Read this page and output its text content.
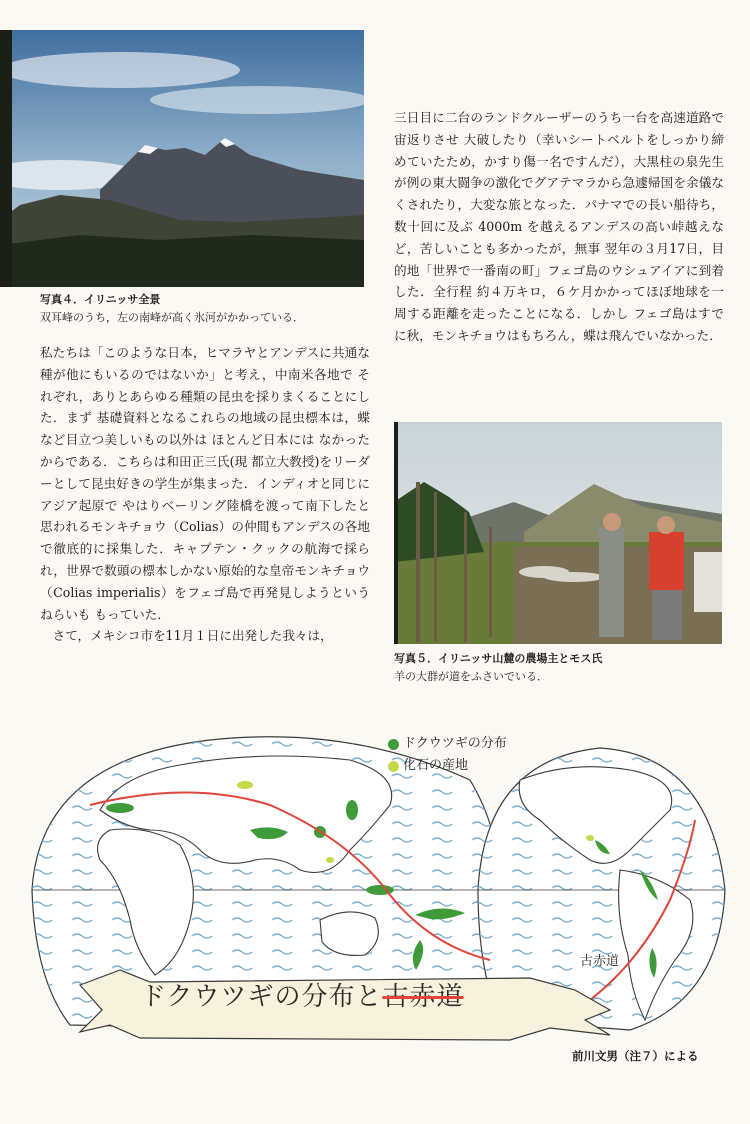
写真４．イリニッサ全景
双耳峰のうち，左の南峰が高く氷河がかかっている．

私たちは「このような日本，ヒマラヤとアンデスに共通な種が他にもいるのではないか」と考え，中南米各地で それぞれ，ありとあらゆる種類の昆虫を採りまくることにした．まず 基礎資料となるこれらの地域の昆虫標本は，蝶など目立つ美しいもの以外は ほとんど日本には なかったからである．こちらは和田正三氏(現 都立大教授)をリーダーとして昆虫好きの学生が集まった．インディオと同じに アジア起原で やはりベーリング陸橋を渡って南下したと思われるモンキチョウ（Colias）の仲間もアンデスの各地で徹底的に採集した．キャプテン・クックの航海で採られ，世界で数頭の標本しかない原始的な皇帝モンキチョウ（Colias imperialis）をフェゴ島で再発見しようという ねらいも もっていた．

さて，メキシコ市を11月１日に出発した我々は，

三日目に二台のランドクルーザーのうち一台を高速道路で宙返りさせ 大破したり（幸いシートベルトをしっかり締めていたため，かすり傷一名ですんだ），大黒柱の泉先生が例の東大闘争の激化でグアテマラから急遽帰国を余儀なくされたり，大変な旅となった．パナマでの長い船待ち，数十回に及ぶ 4000m を越えるアンデスの高い峠越えなど，苦しいことも多かったが，無事 翌年の３月17日，目的地「世界で一番南の町」フェゴ島のウシュアイアに到着した．全行程 約４万キロ，６ケ月かかってほぼ地球を一周する距離を走ったことになる．しかし フェゴ島はすでに秋，モンキチョウはもちろん，蝶は飛んでいなかった．

写真５．イリニッサ山麓の農場主とモス氏
羊の大群が道をふさいでいる．
ドクウツギの分布
化石の産地
古赤道
ドクウツギの分布と古赤道
前川文男（注７）による
